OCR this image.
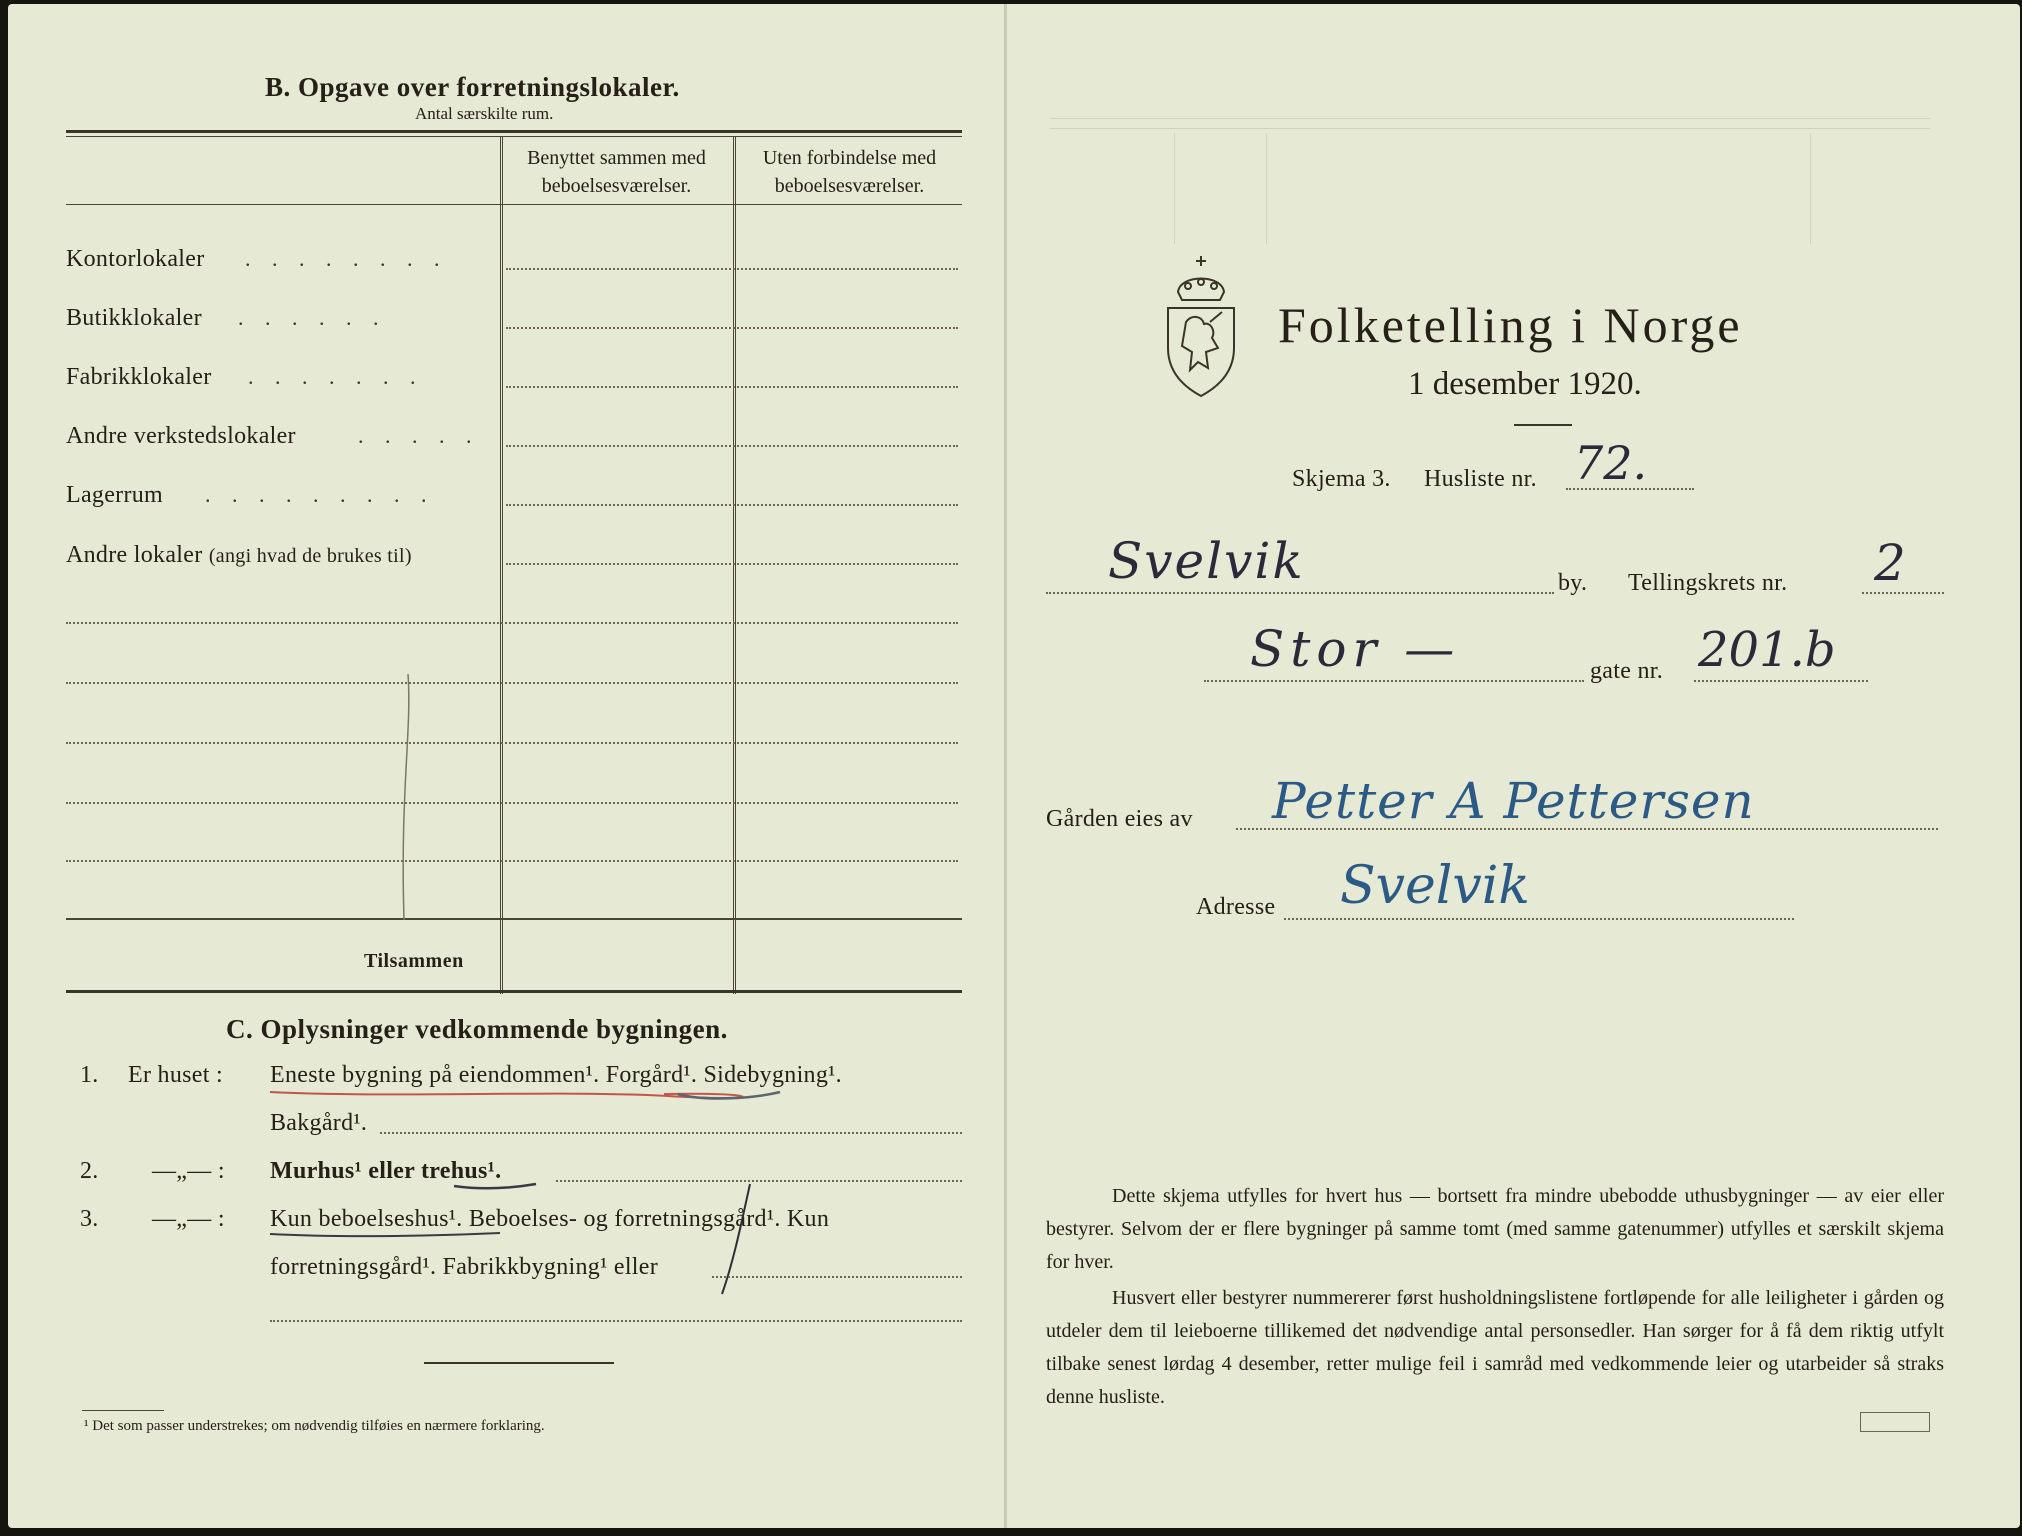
B. Opgave over forretningslokaler.
Antal særskilte rum.
Benyttet sammen med beboelsesværelser.
Uten forbindelse med beboelsesværelser.
Kontorlokaler . . . . . . . .
Butikklokaler . . . . . .
Fabrikklokaler . . . . . . .
Andre verkstedslokaler	. . . . .
Lagerrum . . . . . . . . .
Andre lokaler (angi hvad de brukes til)
Tilsammen
C. Oplysninger vedkommende bygningen.
1. Er huset : Eneste bygning på eiendommen¹. Forgård¹. Sidebygning¹.
Bakgård¹.
2. —„— : Murhus¹ eller trehus¹.
3. —„— : Kun beboelseshus¹. Beboelses- og forretningsgård¹. Kun
forretningsgård¹. Fabrikkbygning¹ eller
¹ Det som passer understrekes; om nødvendig tilføies en nærmere forklaring.
Folketelling i Norge
1 desember 1920.
Skjema 3. Husliste nr. 72.
Svelvik	by. Tellingskrets nr. 2
Stor —	gate nr. 201.b
Gården eies av Petter A Pettersen
Adresse Svelvik
Dette skjema utfylles for hvert hus — bortsett fra mindre ubebodde uthusbygninger — av eier eller bestyrer. Selvom der er flere bygninger på samme tomt (med samme gatenummer) utfylles et særskilt skjema for hver.
Husvert eller bestyrer nummererer først husholdningslistene fortløpende for alle leiligheter i gården og utdeler dem til leieboerne tillikemed det nødvendige antal personsedler. Han sørger for å få dem riktig utfylt tilbake senest lørdag 4 desember, retter mulige feil i samråd med vedkommende leier og utarbeider så straks denne husliste.
